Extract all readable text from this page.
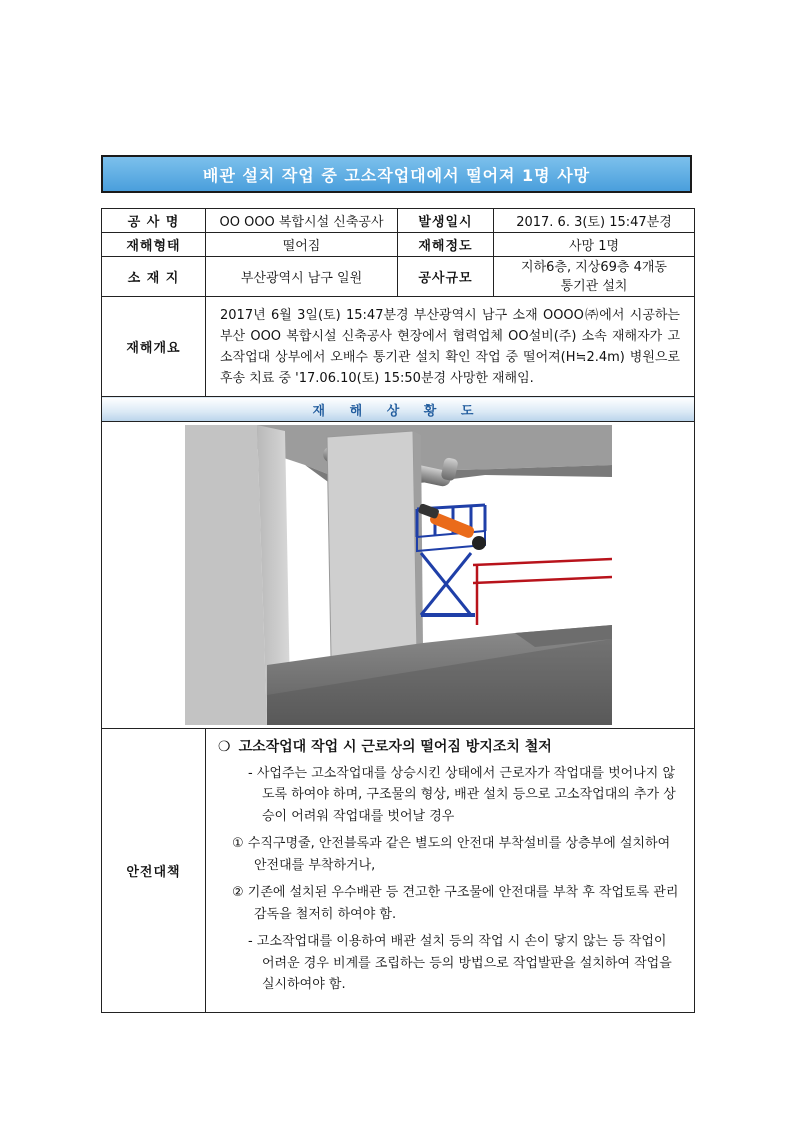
배관 설치 작업 중 고소작업대에서 떨어져 1명 사망
공 사 명	OO OOO 복합시설 신축공사	발생일시	2017. 6. 3(토) 15:47분경
재해형태	떨어짐	재해정도	사망 1명
소 재 지	부산광역시 남구 일원	공사규모	지하6층, 지상69층 4개동
통기관 설치

재해개요	2017년 6월 3일(토) 15:47분경 부산광역시 남구 소재 OOOO㈜에서 시공하는 부산 OOO 복합시설 신축공사 현장에서 협력업체 OO설비(주) 소속 재해자가 고소작업대 상부에서 오배수 통기관 설치 확인 작업 중 떨어져(H≒2.4m) 병원으로 후송 치료 중 '17.06.10(토) 15:50분경 사망한 재해임.		
재 해 상 황 도			

안전대책	❍ 고소작업대 작업 시 근로자의 떨어짐 방지조치 철저
- 사업주는 고소작업대를 상승시킨 상태에서 근로자가 작업대를 벗어나지 않도록 하여야 하며, 구조물의 형상, 배관 설치 등으로 고소작업대의 추가 상승이 어려워 작업대를 벗어날 경우
① 수직구명줄, 안전블록과 같은 별도의 안전대 부착설비를 상층부에 설치하여 안전대를 부착하거나,
② 기존에 설치된 우수배관 등 견고한 구조물에 안전대를 부착 후 작업토록 관리 감독을 철저히 하여야 함.
- 고소작업대를 이용하여 배관 설치 등의 작업 시 손이 닿지 않는 등 작업이 어려운 경우 비계를 조립하는 등의 방법으로 작업발판을 설치하여 작업을 실시하여야 함.		
